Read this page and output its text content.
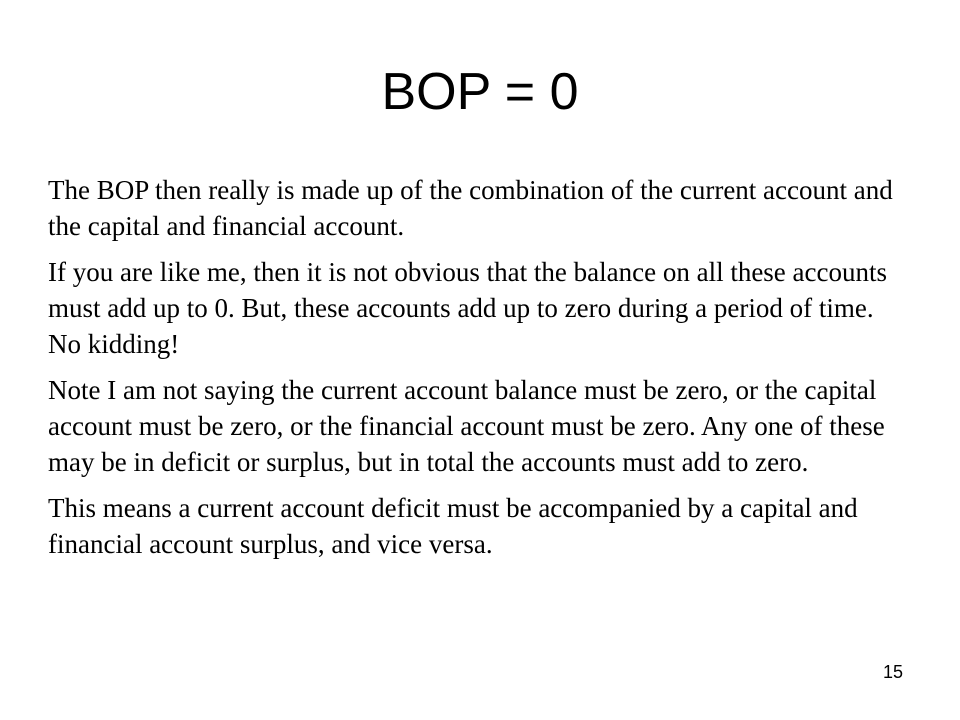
BOP = 0

The BOP then really is made up of the combination of the current account and the capital and financial account.

If you are like me, then it is not obvious that the balance on all these accounts must add up to 0. But, these accounts add up to zero during a period of time. No kidding!

Note I am not saying the current account balance must be zero, or the capital account must be zero, or the financial account must be zero. Any one of these may be in deficit or surplus, but in total the accounts must add to zero.

This means a current account deficit must be accompanied by a capital and financial account surplus, and vice versa.

15
